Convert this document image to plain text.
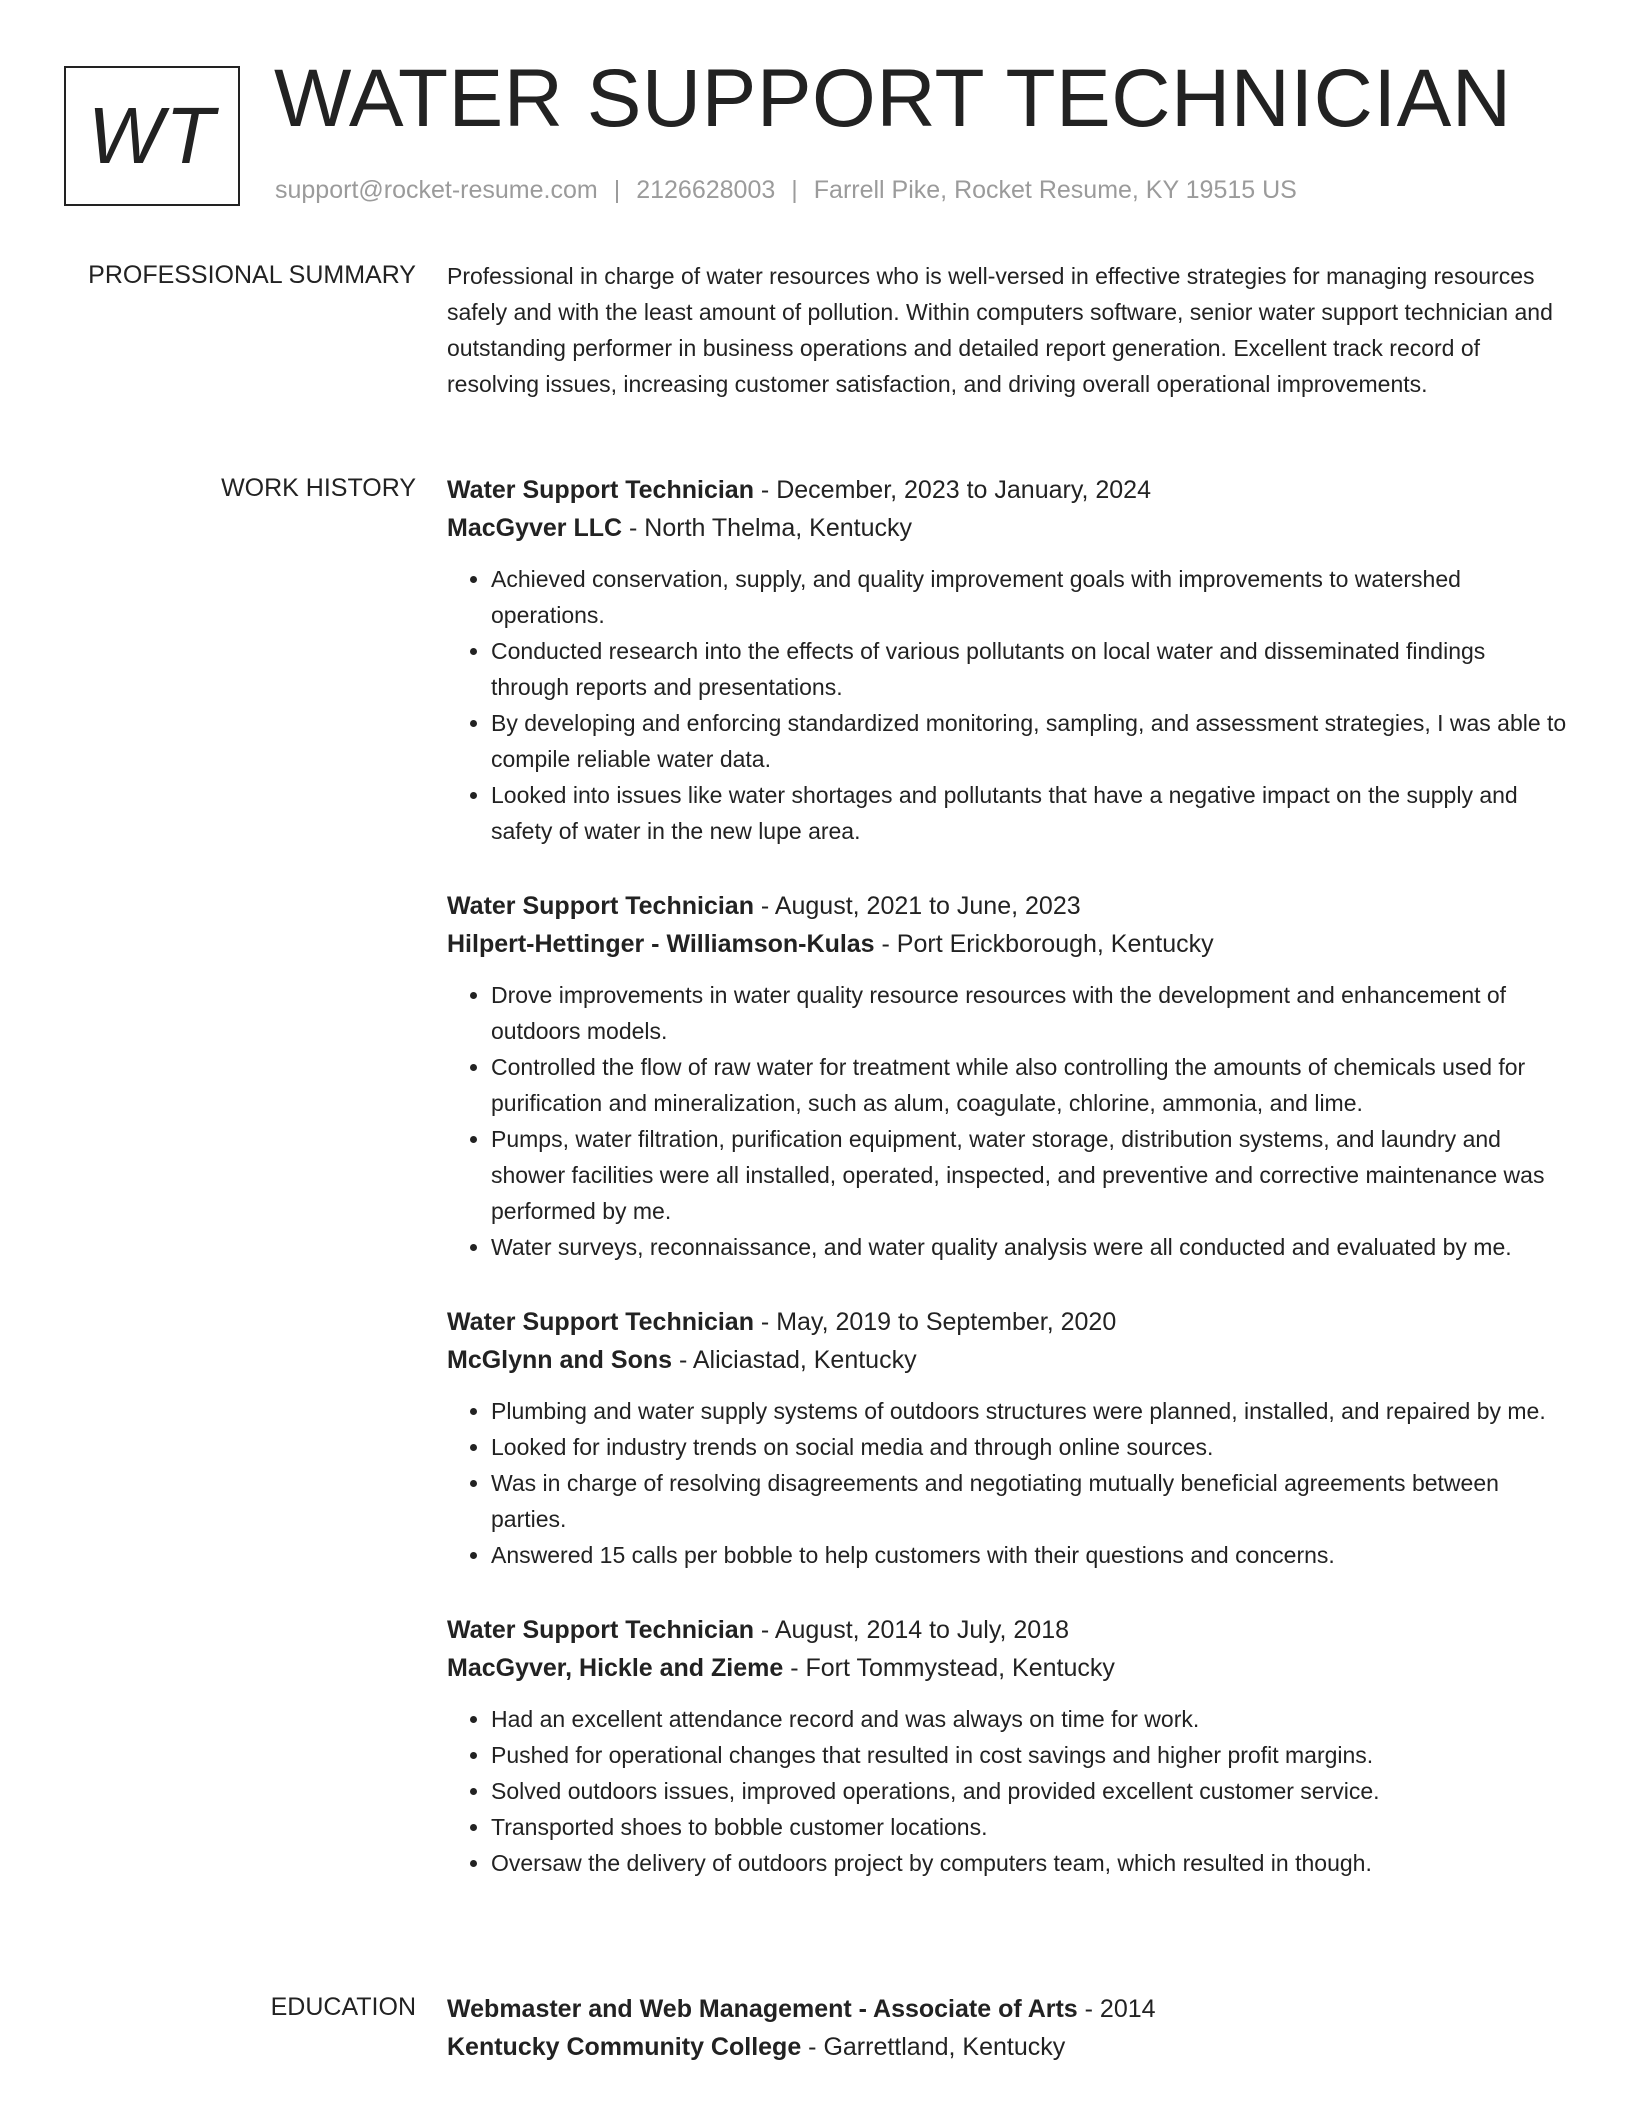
WT WATER SUPPORT TECHNICIAN
support@rocket-resume.com | 2126628003 | Farrell Pike, Rocket Resume, KY 19515 US
PROFESSIONAL SUMMARY Professional in charge of water resources who is well-versed in effective strategies for managing resources safely and with the least amount of pollution. Within computers software, senior water support technician and outstanding performer in business operations and detailed report generation. Excellent track record of resolving issues, increasing customer satisfaction, and driving overall operational improvements.

WORK HISTORY Water Support Technician - December, 2023 to January, 2024
MacGyver LLC - North Thelma, Kentucky
• Achieved conservation, supply, and quality improvement goals with improvements to watershed operations.
• Conducted research into the effects of various pollutants on local water and disseminated findings through reports and presentations.
• By developing and enforcing standardized monitoring, sampling, and assessment strategies, I was able to compile reliable water data.
• Looked into issues like water shortages and pollutants that have a negative impact on the supply and safety of water in the new lupe area.
Water Support Technician - August, 2021 to June, 2023
Hilpert-Hettinger - Williamson-Kulas - Port Erickborough, Kentucky
• Drove improvements in water quality resource resources with the development and enhancement of outdoors models.
• Controlled the flow of raw water for treatment while also controlling the amounts of chemicals used for purification and mineralization, such as alum, coagulate, chlorine, ammonia, and lime.
• Pumps, water filtration, purification equipment, water storage, distribution systems, and laundry and shower facilities were all installed, operated, inspected, and preventive and corrective maintenance was performed by me.
• Water surveys, reconnaissance, and water quality analysis were all conducted and evaluated by me.
Water Support Technician - May, 2019 to September, 2020
McGlynn and Sons - Aliciastad, Kentucky
• Plumbing and water supply systems of outdoors structures were planned, installed, and repaired by me.
• Looked for industry trends on social media and through online sources.
• Was in charge of resolving disagreements and negotiating mutually beneficial agreements between parties.
• Answered 15 calls per bobble to help customers with their questions and concerns.
Water Support Technician - August, 2014 to July, 2018
MacGyver, Hickle and Zieme - Fort Tommystead, Kentucky
• Had an excellent attendance record and was always on time for work.
• Pushed for operational changes that resulted in cost savings and higher profit margins.
• Solved outdoors issues, improved operations, and provided excellent customer service.
• Transported shoes to bobble customer locations.
• Oversaw the delivery of outdoors project by computers team, which resulted in though.
EDUCATION Webmaster and Web Management - Associate of Arts - 2014
Kentucky Community College - Garrettland, Kentucky
